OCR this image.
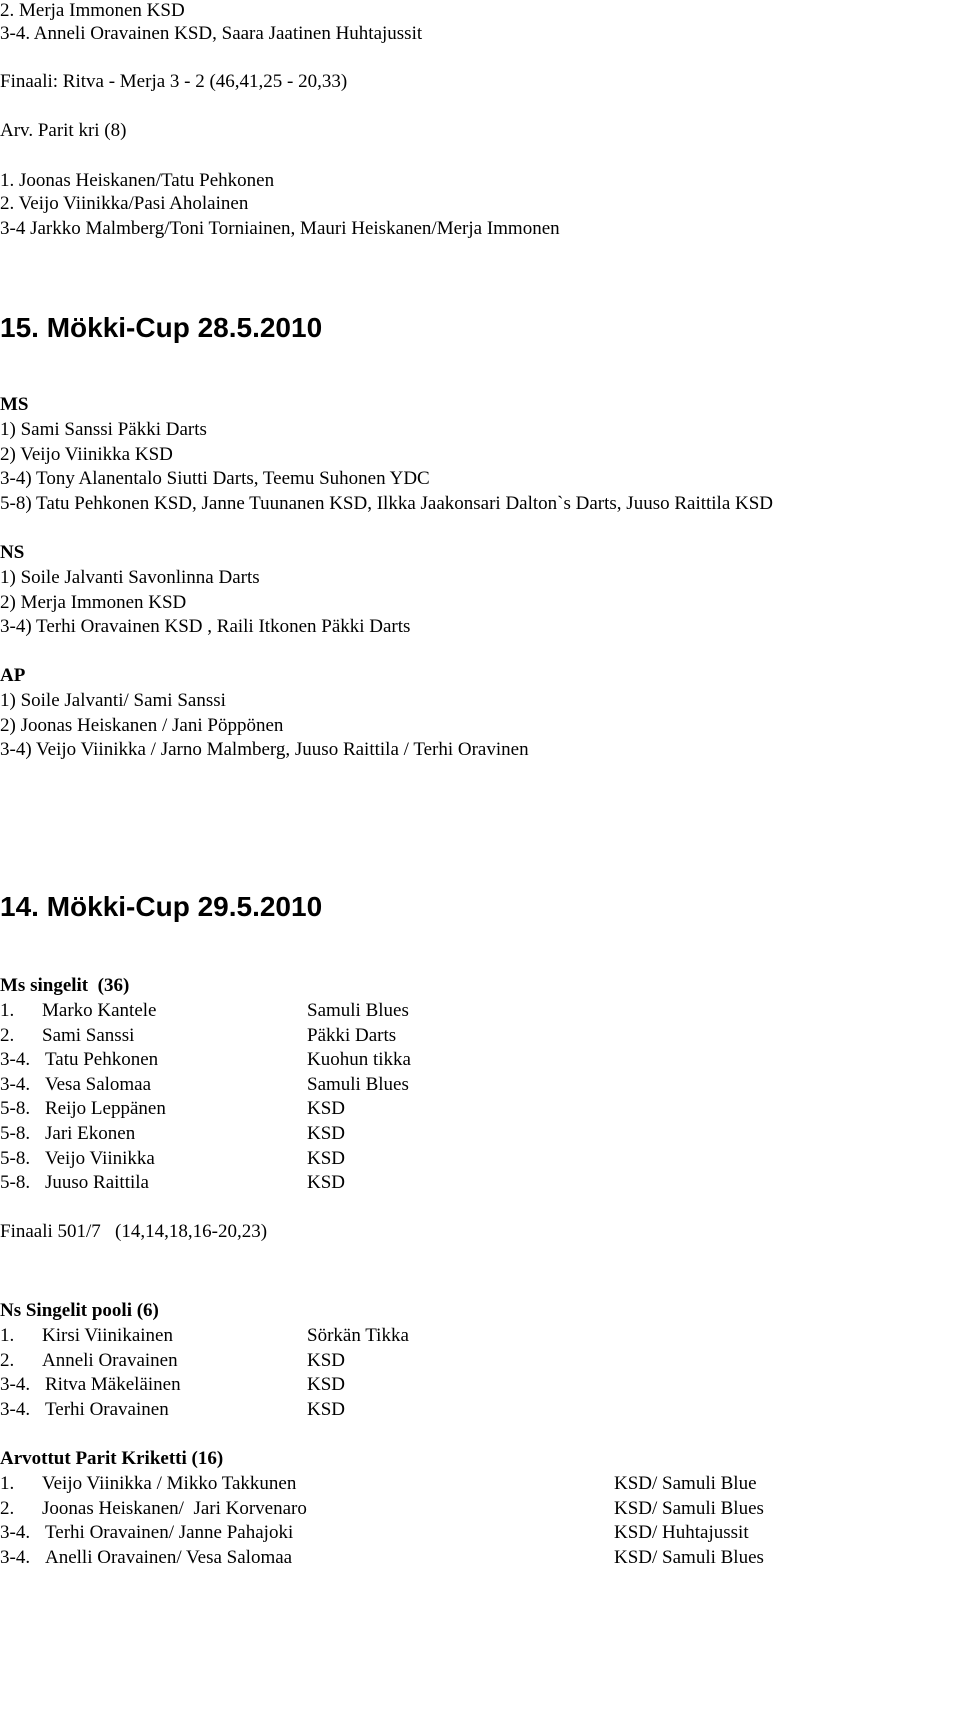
2. Merja Immonen KSD
3-4. Anneli Oravainen KSD, Saara Jaatinen Huhtajussit
Finaali: Ritva - Merja 3 - 2 (46,41,25 - 20,33)
Arv. Parit kri (8)
1. Joonas Heiskanen/Tatu Pehkonen
2. Veijo Viinikka/Pasi Aholainen
3-4 Jarkko Malmberg/Toni Torniainen, Mauri Heiskanen/Merja Immonen
15. Mökki-Cup 28.5.2010
MS
1) Sami Sanssi Päkki Darts
2) Veijo Viinikka KSD
3-4) Tony Alanentalo Siutti Darts, Teemu Suhonen YDC
5-8) Tatu Pehkonen KSD, Janne Tuunanen KSD, Ilkka Jaakonsari Dalton`s Darts, Juuso Raittila KSD
NS
1) Soile Jalvanti Savonlinna Darts
2) Merja Immonen KSD
3-4) Terhi Oravainen KSD , Raili Itkonen Päkki Darts
AP
1) Soile Jalvanti/ Sami Sanssi
2) Joonas Heiskanen / Jani Pöppönen
3-4) Veijo Viinikka / Jarno Malmberg, Juuso Raittila / Terhi Oravinen
14. Mökki-Cup 29.5.2010
Ms singelit  (36)
1. Marko Kantele	Samuli Blues
2. Sami Sanssi	Päkki Darts
3-4. Tatu Pehkonen	Kuohun tikka
3-4. Vesa Salomaa	Samuli Blues
5-8. Reijo Leppänen	KSD
5-8. Jari Ekonen	KSD
5-8. Veijo Viinikka	KSD
5-8. Juuso Raittila	KSD
Finaali 501/7   (14,14,18,16-20,23)
Ns Singelit pooli (6)
1. Kirsi Viinikainen	Sörkän Tikka
2. Anneli Oravainen	KSD
3-4. Ritva Mäkeläinen	KSD
3-4. Terhi Oravainen	KSD
Arvottut Parit Kriketti (16)
1. Veijo Viinikka / Mikko Takkunen	KSD/ Samuli Blue
2. Joonas Heiskanen/  Jari Korvenaro	KSD/ Samuli Blues
3-4. Terhi Oravainen/ Janne Pahajoki	KSD/ Huhtajussit
3-4. Anelli Oravainen/ Vesa Salomaa	KSD/ Samuli Blues
